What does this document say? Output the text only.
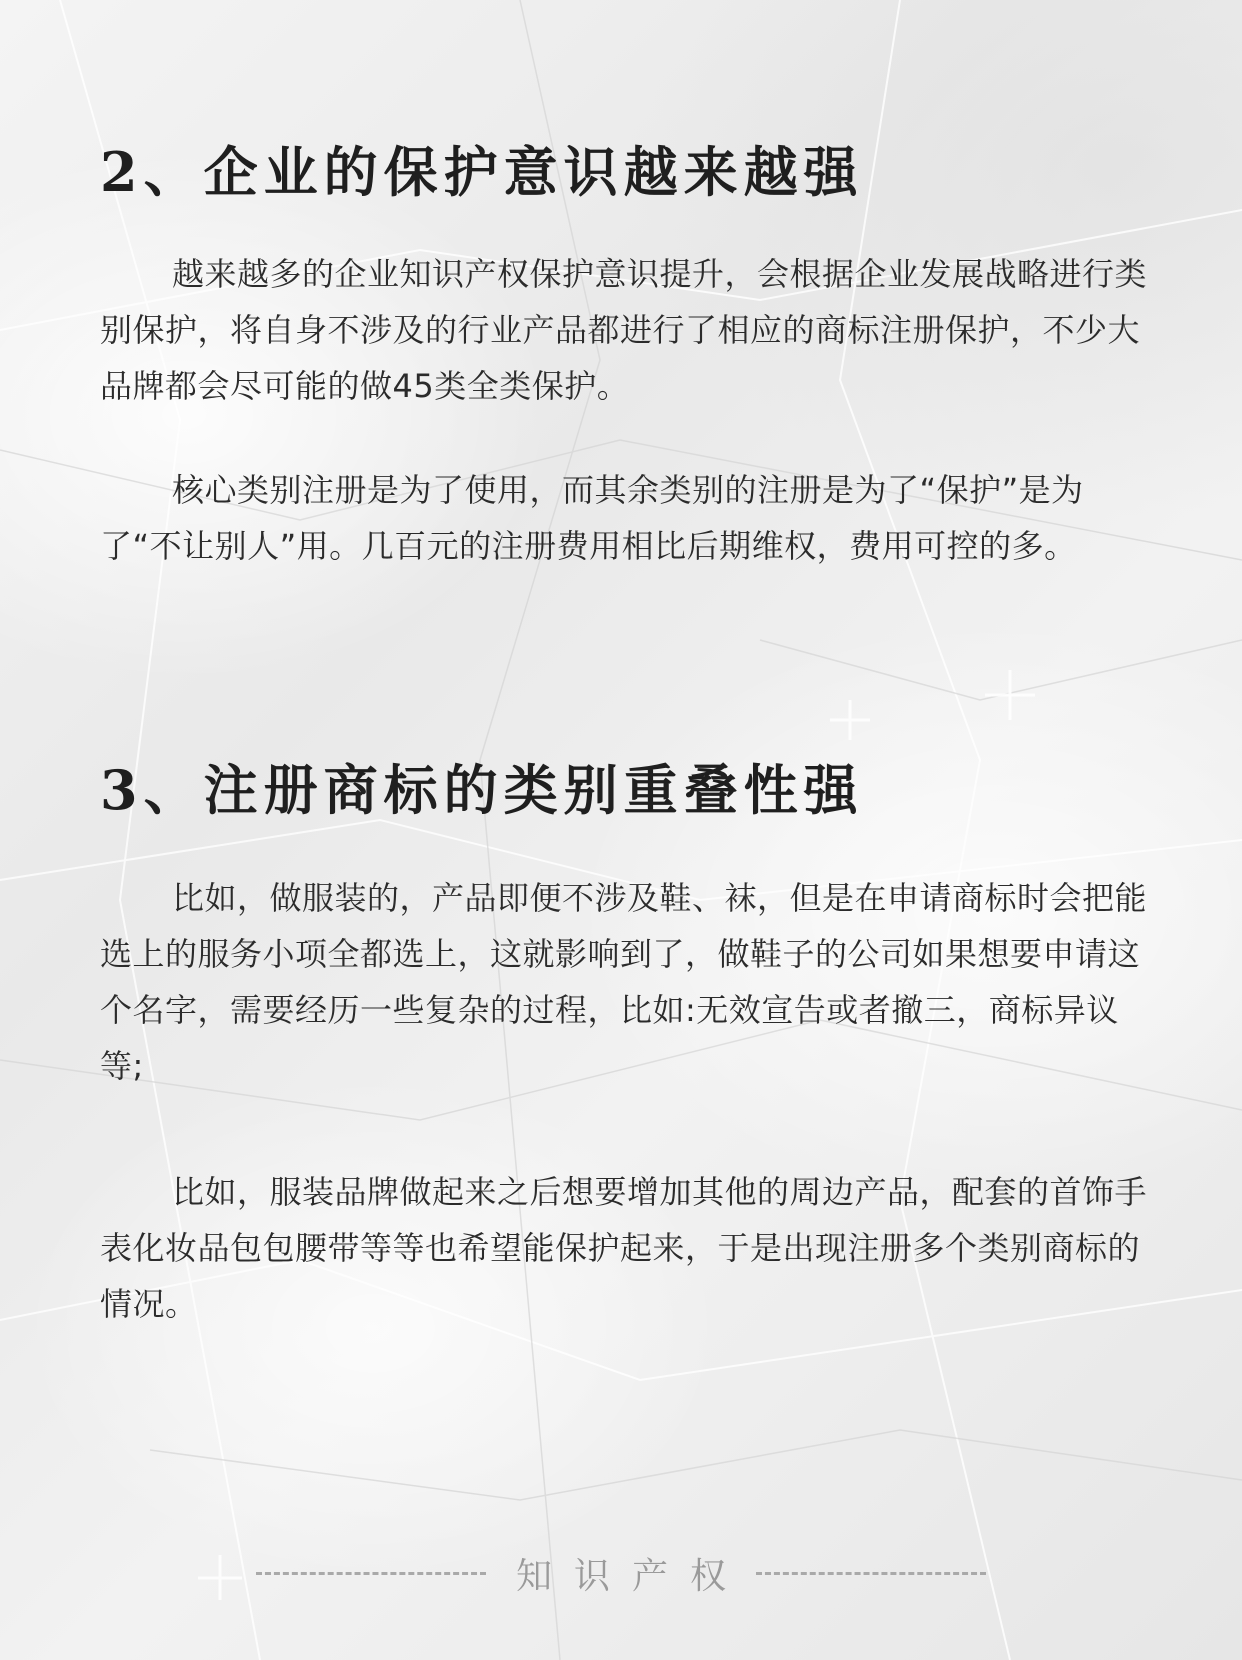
2、企业的保护意识越来越强

越来越多的企业知识产权保护意识提升，会根据企业发展战略进行类别保护，将自身不涉及的行业产品都进行了相应的商标注册保护，不少大品牌都会尽可能的做45类全类保护。

核心类别注册是为了使用，而其余类别的注册是为了“保护”是为了“不让别人”用。几百元的注册费用相比后期维权，费用可控的多。

3、注册商标的类别重叠性强

比如，做服装的，产品即便不涉及鞋、袜，但是在申请商标时会把能选上的服务小项全都选上，这就影响到了，做鞋子的公司如果想要申请这个名字，需要经历一些复杂的过程，比如:无效宣告或者撤三，商标异议等;

比如，服装品牌做起来之后想要增加其他的周边产品，配套的首饰手表化妆品包包腰带等等也希望能保护起来，于是出现注册多个类别商标的情况。

知识产权
